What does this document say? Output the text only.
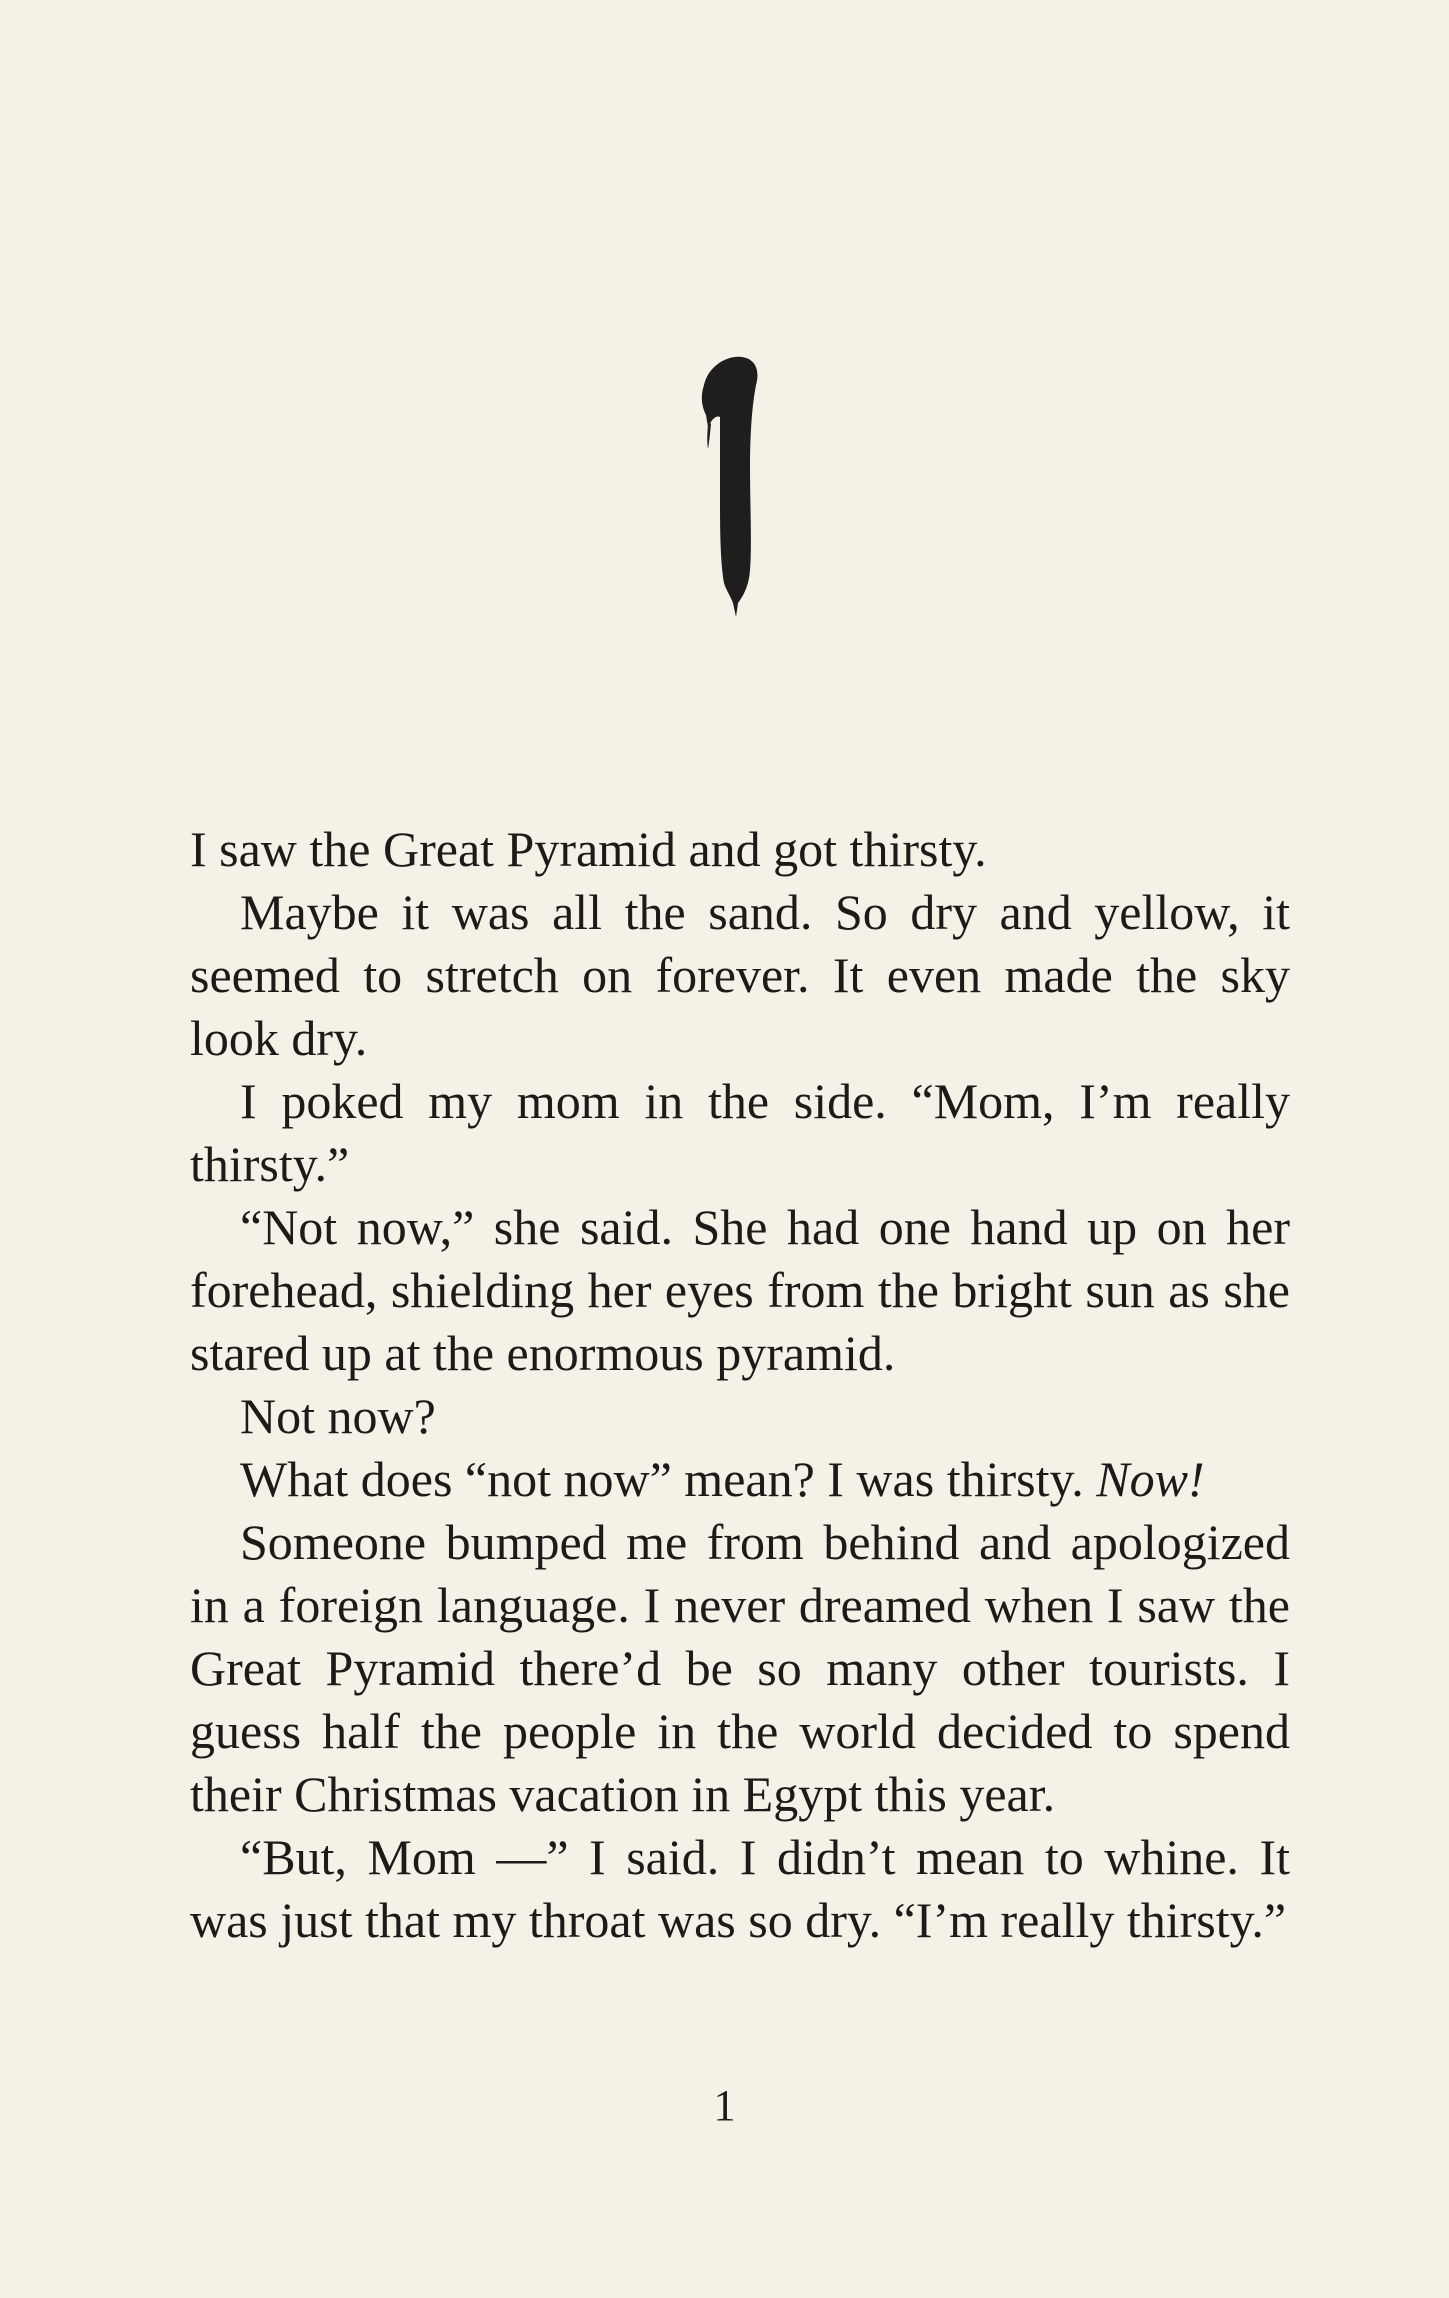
I saw the Great Pyramid and got thirsty.

Maybe it was all the sand. So dry and yellow, it seemed to stretch on forever. It even made the sky look dry.

I poked my mom in the side. “Mom, I’m really thirsty.”

“Not now,” she said. She had one hand up on her forehead, shielding her eyes from the bright sun as she stared up at the enormous pyramid.

Not now?

What does “not now” mean? I was thirsty. Now!

Someone bumped me from behind and apologized in a foreign language. I never dreamed when I saw the Great Pyramid there’d be so many other tourists. I guess half the people in the world decided to spend their Christmas vacation in Egypt this year.

“But, Mom —” I said. I didn’t mean to whine. It was just that my throat was so dry. “I’m really thirsty.”

1
